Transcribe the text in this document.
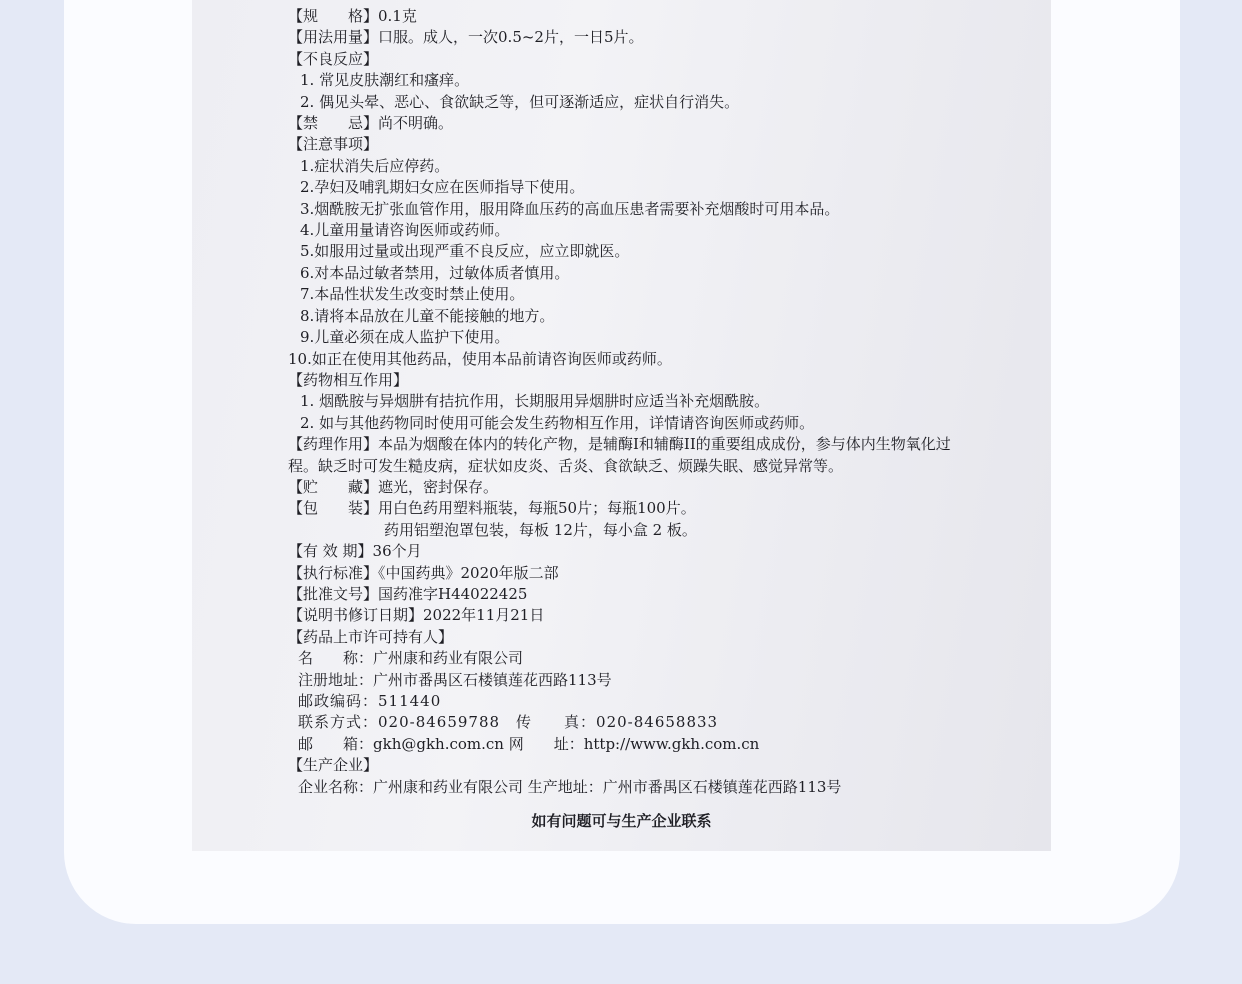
【规　　格】0.1克
【用法用量】口服。成人，一次0.5~2片，一日5片。
【不良反应】
1. 常见皮肤潮红和瘙痒。
2. 偶见头晕、恶心、食欲缺乏等，但可逐渐适应，症状自行消失。
【禁　　忌】尚不明确。
【注意事项】
1.症状消失后应停药。
2.孕妇及哺乳期妇女应在医师指导下使用。
3.烟酰胺无扩张血管作用，服用降血压药的高血压患者需要补充烟酸时可用本品。
4.儿童用量请咨询医师或药师。
5.如服用过量或出现严重不良反应，应立即就医。
6.对本品过敏者禁用，过敏体质者慎用。
7.本品性状发生改变时禁止使用。
8.请将本品放在儿童不能接触的地方。
9.儿童必须在成人监护下使用。
10.如正在使用其他药品，使用本品前请咨询医师或药师。
【药物相互作用】
1. 烟酰胺与异烟肼有拮抗作用，长期服用异烟肼时应适当补充烟酰胺。
2. 如与其他药物同时使用可能会发生药物相互作用，详情请咨询医师或药师。
【药理作用】本品为烟酸在体内的转化产物，是辅酶I和辅酶II的重要组成成份，参与体内生物氧化过程。缺乏时可发生糙皮病，症状如皮炎、舌炎、食欲缺乏、烦躁失眠、感觉异常等。
【贮　　藏】遮光，密封保存。
【包　　装】用白色药用塑料瓶装，每瓶50片；每瓶100片。
药用铝塑泡罩包装，每板 12片，每小盒 2 板。
【有 效 期】36个月
【执行标准】《中国药典》2020年版二部
【批准文号】国药准字H44022425
【说明书修订日期】2022年11月21日
【药品上市许可持有人】
名　　称：广州康和药业有限公司
注册地址：广州市番禺区石楼镇莲花西路113号
邮政编码：511440
联系方式：020-84659788　传　　真：020-84658833
邮　　箱：gkh@gkh.com.cn 网　　址：http://www.gkh.com.cn
【生产企业】
企业名称：广州康和药业有限公司 生产地址：广州市番禺区石楼镇莲花西路113号
如有问题可与生产企业联系
